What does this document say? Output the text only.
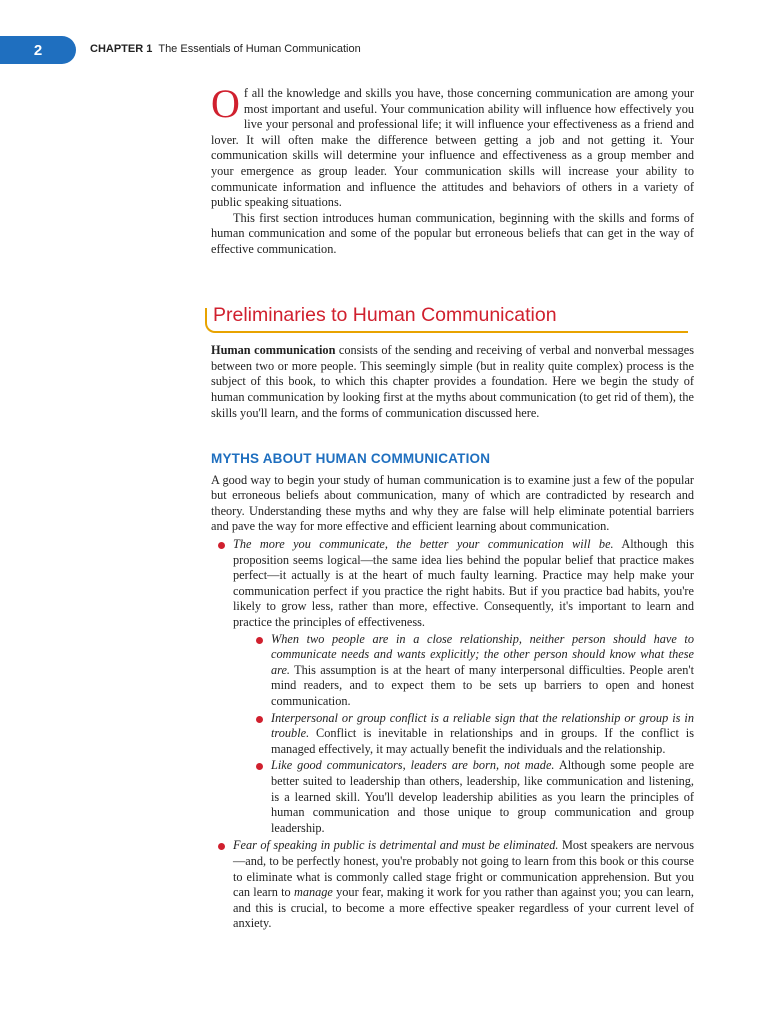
2	CHAPTER 1 The Essentials of Human Communication

Of all the knowledge and skills you have, those concerning communication are among your most important and useful. Your communication ability will influence how effectively you live your personal and professional life; it will influence your effectiveness as a friend and lover. It will often make the difference between getting a job and not getting it. Your communication skills will determine your influence and effectiveness as a group member and your emergence as group leader. Your communication skills will increase your ability to communicate information and influence the attitudes and behaviors of others in a variety of public speaking situations.

This first section introduces human communication, beginning with the skills and forms of human communication and some of the popular but erroneous beliefs that can get in the way of effective communication.

Preliminaries to Human Communication

Human communication consists of the sending and receiving of verbal and nonverbal messages between two or more people. This seemingly simple (but in reality quite complex) process is the subject of this book, to which this chapter provides a foundation. Here we begin the study of human communication by looking first at the myths about communication (to get rid of them), the skills you'll learn, and the forms of communication discussed here.

MYTHS ABOUT HUMAN COMMUNICATION

A good way to begin your study of human communication is to examine just a few of the popular but erroneous beliefs about communication, many of which are contradicted by research and theory. Understanding these myths and why they are false will help eliminate potential barriers and pave the way for more effective and efficient learning about communication.

The more you communicate, the better your communication will be. Although this proposition seems logical—the same idea lies behind the popular belief that practice makes perfect—it actually is at the heart of much faulty learning. Practice may help make your communication perfect if you practice the right habits. But if you practice bad habits, you're likely to grow less, rather than more, effective. Consequently, it's important to learn and practice the principles of effectiveness.

When two people are in a close relationship, neither person should have to communicate needs and wants explicitly; the other person should know what these are. This assumption is at the heart of many interpersonal difficulties. People aren't mind readers, and to expect them to be sets up barriers to open and honest communication.

Interpersonal or group conflict is a reliable sign that the relationship or group is in trouble. Conflict is inevitable in relationships and in groups. If the conflict is managed effectively, it may actually benefit the individuals and the relationship.

Like good communicators, leaders are born, not made. Although some people are better suited to leadership than others, leadership, like communication and listening, is a learned skill. You'll develop leadership abilities as you learn the principles of human communication and those unique to group communication and group leadership.

Fear of speaking in public is detrimental and must be eliminated. Most speakers are nervous—and, to be perfectly honest, you're probably not going to learn from this book or this course to eliminate what is commonly called stage fright or communication apprehension. But you can learn to manage your fear, making it work for you rather than against you; you can learn, and this is crucial, to become a more effective speaker regardless of your current level of anxiety.
